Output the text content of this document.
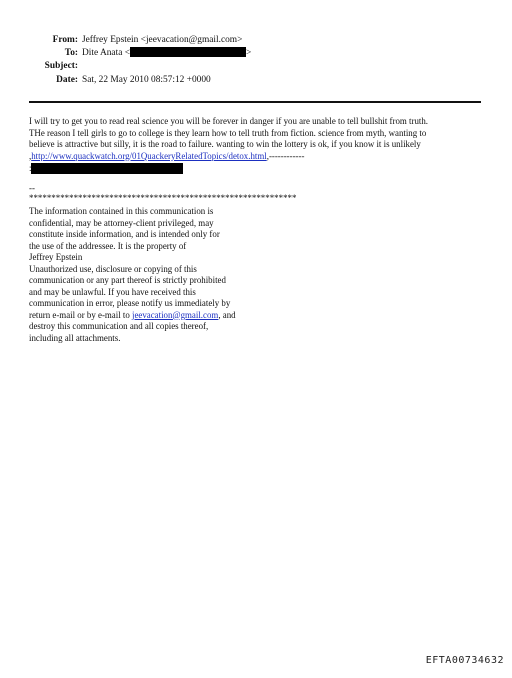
From: Jeffrey Epstein <jeevacation@gmail.com>
To: Dite Anata <	>
Subject:
Date: Sat, 22 May 2010 08:57:12 +0000

I will try to get you to read real science you will be forever in danger if you are unable to tell bullshit from truth.

THe reason I tell girls to go to college is they learn how to tell truth from fiction. science from myth, wanting to

believe is attractive but silly, it is the road to failure. wanting to win the lottery is ok, if you know it is unlikely

,http://www.quackwatch.org/01QuackeryRelatedTopics/detox.html,------------

:
--
************************************************************
The information contained in this communication is
confidential, may be attorney-client privileged, may
constitute inside information, and is intended only for
the use of the addressee. It is the property of
Jeffrey Epstein
Unauthorized use, disclosure or copying of this
communication or any part thereof is strictly prohibited
and may be unlawful. If you have received this
communication in error, please notify us immediately by
return e-mail or by e-mail to jeevacation@gmail.com, and
destroy this communication and all copies thereof,
including all attachments.
EFTA00734632
